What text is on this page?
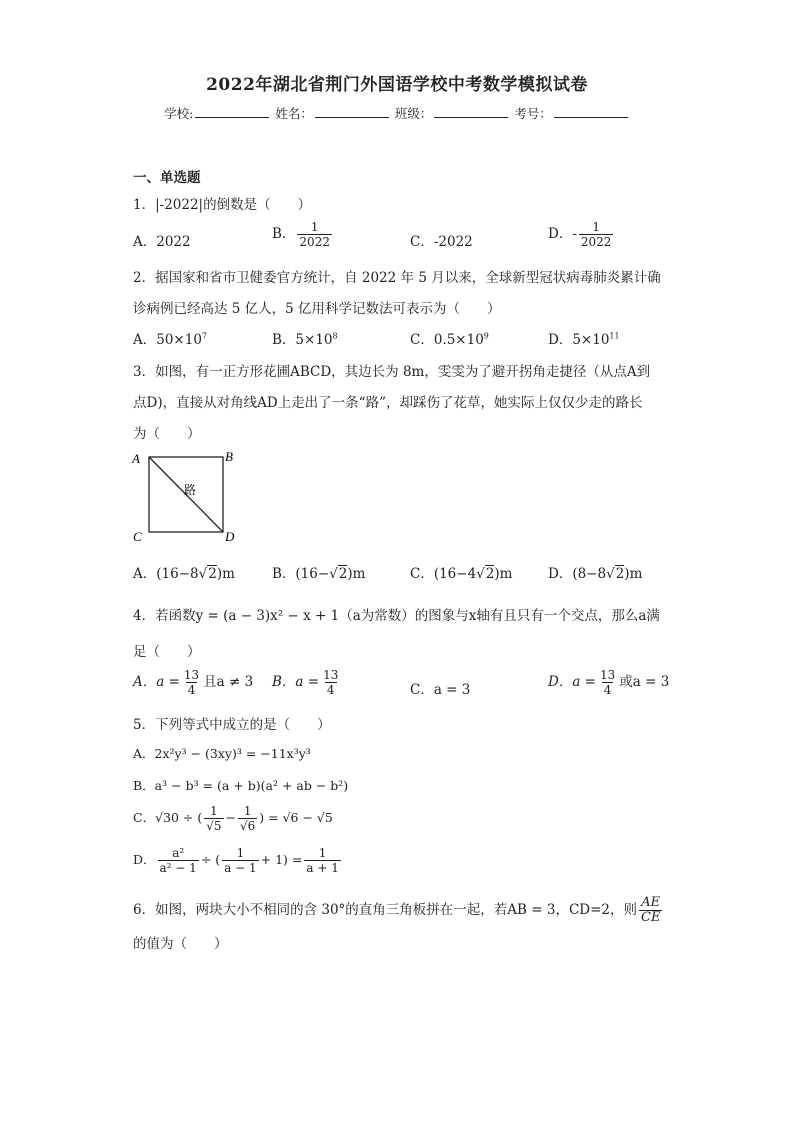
2022年湖北省荆门外国语学校中考数学模拟试卷
学校:	姓名：	班级：	考号：
一、单选题
1．|-2022|的倒数是（　　）
A．2022	B． $\frac{1}{2022}$	C．-2022	D．- $\frac{1}{2022}$
2．据国家和省市卫健委官方统计，自 2022 年 5 月以来，全球新型冠状病毒肺炎累计确
诊病例已经高达 5 亿人，5 亿用科学记数法可表示为（　　）
A．$50\times 10^7$	B．$5\times 10^8$	C．$0.5\times 10^9$	D．$5\times 10^{11}$
3．如图，有一正方形花圃ABCD，其边长为 8m，雯雯为了避开拐角走捷径（从点A到
点D)，直接从对角线AD上走出了一条“路”，却踩伤了花草，她实际上仅仅少走的路长
为（　　）
A	B
C	D
路
A．(16−8√2)m	B．(16−√2)m	C．(16−4√2)m	D．(8−8√2)m
4．若函数y = (a − 3)x² − x + 1（a为常数）的图象与x轴有且只有一个交点，那么a满
足（　　）
A．$a = \frac{13}{4}$ 且a ≠ 3 B．$a = \frac{13}{4}$	C．a = 3	D．$a = \frac{13}{4}$ 或a = 3
5．下列等式中成立的是（　　）
A．2x²y³ − (3xy)³ = −11x³y³
B．a³ − b³ = (a + b)(a² + ab − b²)
C．√30 ÷ ( $\frac{1}{√5} - \frac{1}{√6}$ ) = √6 − √5
D． $\frac{\text{a²}}{\text{a² − 1}}$ ÷ ( $\frac{1}{a - 1} + 1) = \frac{1}{a + 1}$
6．如图，两块大小不相同的含 30°的直角三角板拼在一起，若AB = 3，CD=2，则 $\frac{AE}{CE}$
的值为（　　）
